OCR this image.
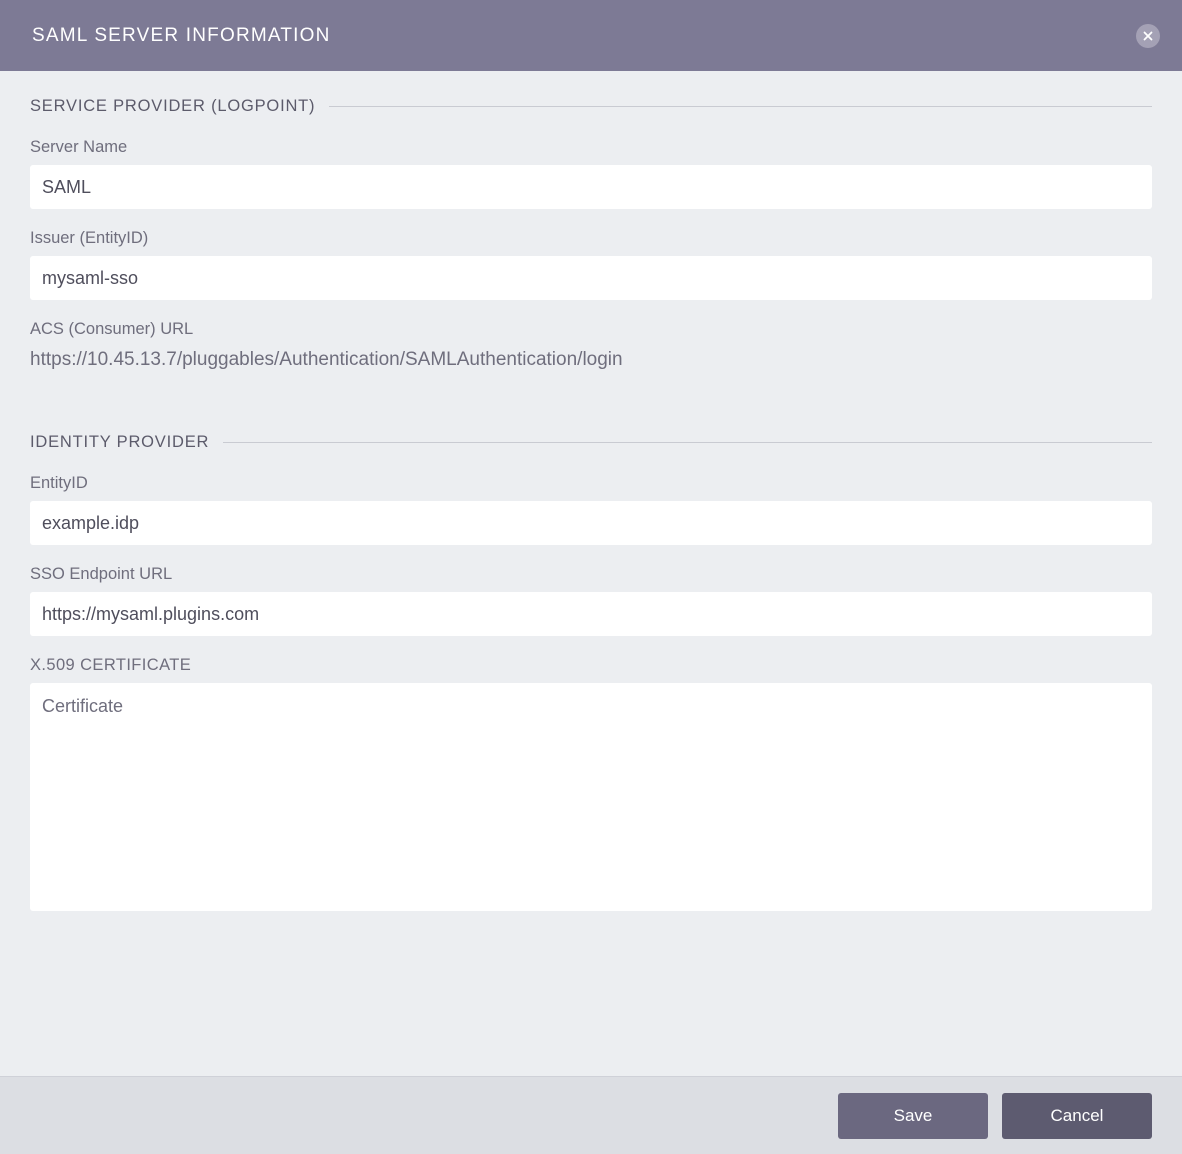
SAML SERVER INFORMATION
SERVICE PROVIDER (LOGPOINT)
Server Name
SAML
Issuer (EntityID)
mysaml-sso
ACS (Consumer) URL
https://10.45.13.7/pluggables/Authentication/SAMLAuthentication/login
IDENTITY PROVIDER
EntityID
example.idp
SSO Endpoint URL
https://mysaml.plugins.com
X.509 CERTIFICATE
Certificate
Save	Cancel
